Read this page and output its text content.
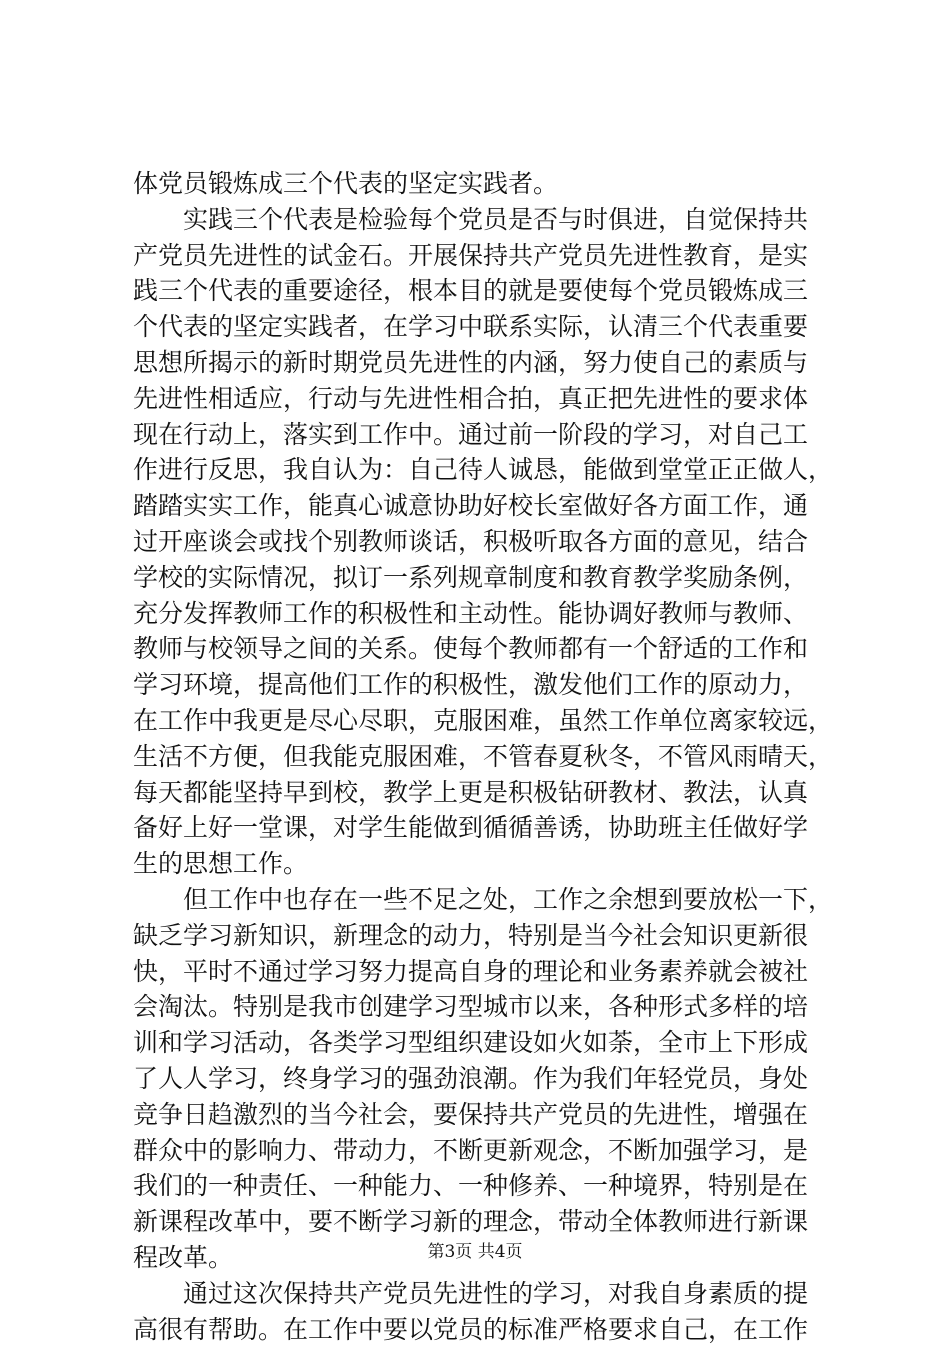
体党员锻炼成三个代表的坚定实践者。
实践三个代表是检验每个党员是否与时俱进，自觉保持共
产党员先进性的试金石。开展保持共产党员先进性教育，是实
践三个代表的重要途径，根本目的就是要使每个党员锻炼成三
个代表的坚定实践者，在学习中联系实际，认清三个代表重要
思想所揭示的新时期党员先进性的内涵，努力使自己的素质与
先进性相适应，行动与先进性相合拍，真正把先进性的要求体
现在行动上，落实到工作中。通过前一阶段的学习，对自己工
作进行反思，我自认为：自己待人诚恳，能做到堂堂正正做人，
踏踏实实工作，能真心诚意协助好校长室做好各方面工作，通
过开座谈会或找个别教师谈话，积极听取各方面的意见，结合
学校的实际情况，拟订一系列规章制度和教育教学奖励条例，
充分发挥教师工作的积极性和主动性。能协调好教师与教师、
教师与校领导之间的关系。使每个教师都有一个舒适的工作和
学习环境，提高他们工作的积极性，激发他们工作的原动力，
在工作中我更是尽心尽职，克服困难，虽然工作单位离家较远，
生活不方便，但我能克服困难，不管春夏秋冬，不管风雨晴天，
每天都能坚持早到校，教学上更是积极钻研教材、教法，认真
备好上好一堂课，对学生能做到循循善诱，协助班主任做好学
生的思想工作。
但工作中也存在一些不足之处，工作之余想到要放松一下，
缺乏学习新知识，新理念的动力，特别是当今社会知识更新很
快，平时不通过学习努力提高自身的理论和业务素养就会被社
会淘汰。特别是我市创建学习型城市以来，各种形式多样的培
训和学习活动，各类学习型组织建设如火如荼，全市上下形成
了人人学习，终身学习的强劲浪潮。作为我们年轻党员，身处
竞争日趋激烈的当今社会，要保持共产党员的先进性，增强在
群众中的影响力、带动力，不断更新观念，不断加强学习，是
我们的一种责任、一种能力、一种修养、一种境界，特别是在
新课程改革中，要不断学习新的理念，带动全体教师进行新课
程改革。
通过这次保持共产党员先进性的学习，对我自身素质的提
高很有帮助。在工作中要以党员的标准严格要求自己，在工作
第3页 共4页
